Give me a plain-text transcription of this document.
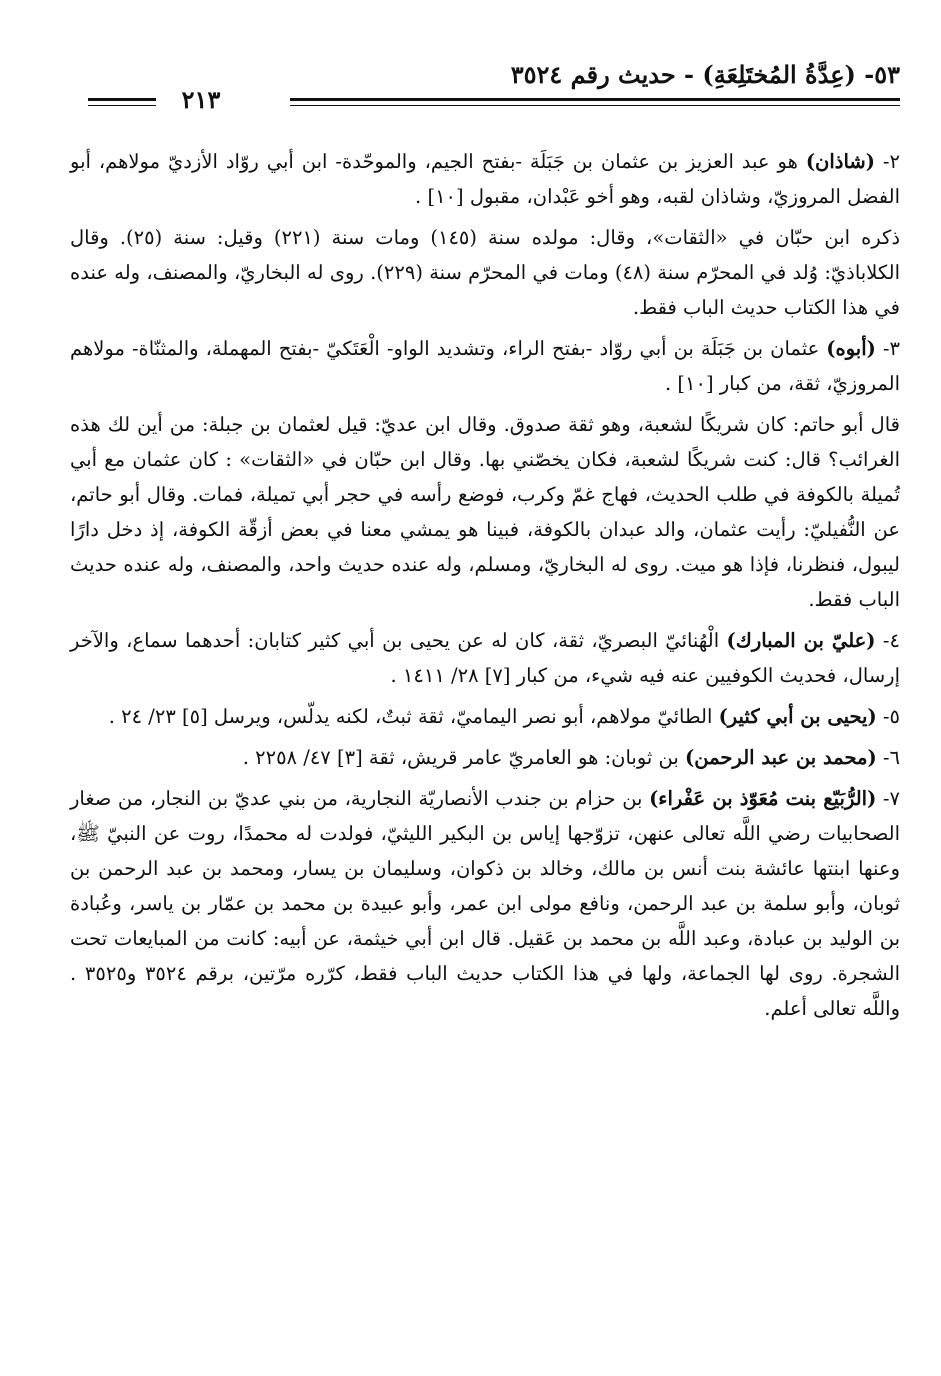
٥٣- (عِدَّةُ المُختَلِعَةِ) - حديث رقم ٣٥٢٤
٢١٣

٢- (شاذان) هو عبد العزيز بن عثمان بن جَبَلَة -بفتح الجيم، والموحّدة- ابن أبي روّاد الأزديّ مولاهم، أبو الفضل المروزيّ، وشاذان لقبه، وهو أخو عَبْدان، مقبول [١٠] .

ذكره ابن حبّان في «الثقات»، وقال: مولده سنة (١٤٥) ومات سنة (٢٢١) وقيل: سنة (٢٥). وقال الكلاباذيّ: وُلد في المحرّم سنة (٤٨) ومات في المحرّم سنة (٢٢٩). روى له البخاريّ، والمصنف، وله عنده في هذا الكتاب حديث الباب فقط.

٣- (أبوه) عثمان بن جَبَلَة بن أبي روّاد -بفتح الراء، وتشديد الواو- الْعَتَكيّ -بفتح المهملة، والمثنّاة- مولاهم المروزيّ، ثقة، من كبار [١٠] .

قال أبو حاتم: كان شريكًا لشعبة، وهو ثقة صدوق. وقال ابن عديّ: قيل لعثمان بن جبلة: من أين لك هذه الغرائب؟ قال: كنت شريكًا لشعبة، فكان يخصّني بها. وقال ابن حبّان في «الثقات» : كان عثمان مع أبي تُميلة بالكوفة في طلب الحديث، فهاج غمّ وكرب، فوضع رأسه في حجر أبي تميلة، فمات. وقال أبو حاتم، عن النُّفيليّ: رأيت عثمان، والد عبدان بالكوفة، فبينا هو يمشي معنا في بعض أزقّة الكوفة، إذ دخل دارًا ليبول، فنظرنا، فإذا هو ميت. روى له البخاريّ، ومسلم، وله عنده حديث واحد، والمصنف، وله عنده حديث الباب فقط.

٤- (عليّ بن المبارك) الْهُنائيّ البصريّ، ثقة، كان له عن يحيى بن أبي كثير كتابان: أحدهما سماع، والآخر إرسال، فحديث الكوفيين عنه فيه شيء، من كبار [٧] ٢٨/ ١٤١١ .

٥- (يحيى بن أبي كثير) الطائيّ مولاهم، أبو نصر اليماميّ، ثقة ثبتٌ، لكنه يدلّس، ويرسل [٥] ٢٣/ ٢٤ .

٦- (محمد بن عبد الرحمن) بن ثوبان: هو العامريّ عامر قريش، ثقة [٣] ٤٧/ ٢٢٥٨ .

٧- (الرُّبَيّع بنت مُعَوّذ بن عَفْراء) بن حزام بن جندب الأنصاريّة النجارية، من بني عديّ بن النجار، من صغار الصحابيات رضي اللَّه تعالى عنهن، تزوّجها إياس بن البكير الليثيّ، فولدت له محمدًا، روت عن النبيّ ﷺ، وعنها ابنتها عائشة بنت أنس بن مالك، وخالد بن ذكوان، وسليمان بن يسار، ومحمد بن عبد الرحمن بن ثوبان، وأبو سلمة بن عبد الرحمن، ونافع مولى ابن عمر، وأبو عبيدة بن محمد بن عمّار بن ياسر، وعُبادة بن الوليد بن عبادة، وعبد اللَّه بن محمد بن عَقيل. قال ابن أبي خيثمة، عن أبيه: كانت من المبايعات تحت الشجرة. روى لها الجماعة، ولها في هذا الكتاب حديث الباب فقط، كرّره مرّتين، برقم ٣٥٢٤ و٣٥٢٥ . واللَّه تعالى أعلم.
